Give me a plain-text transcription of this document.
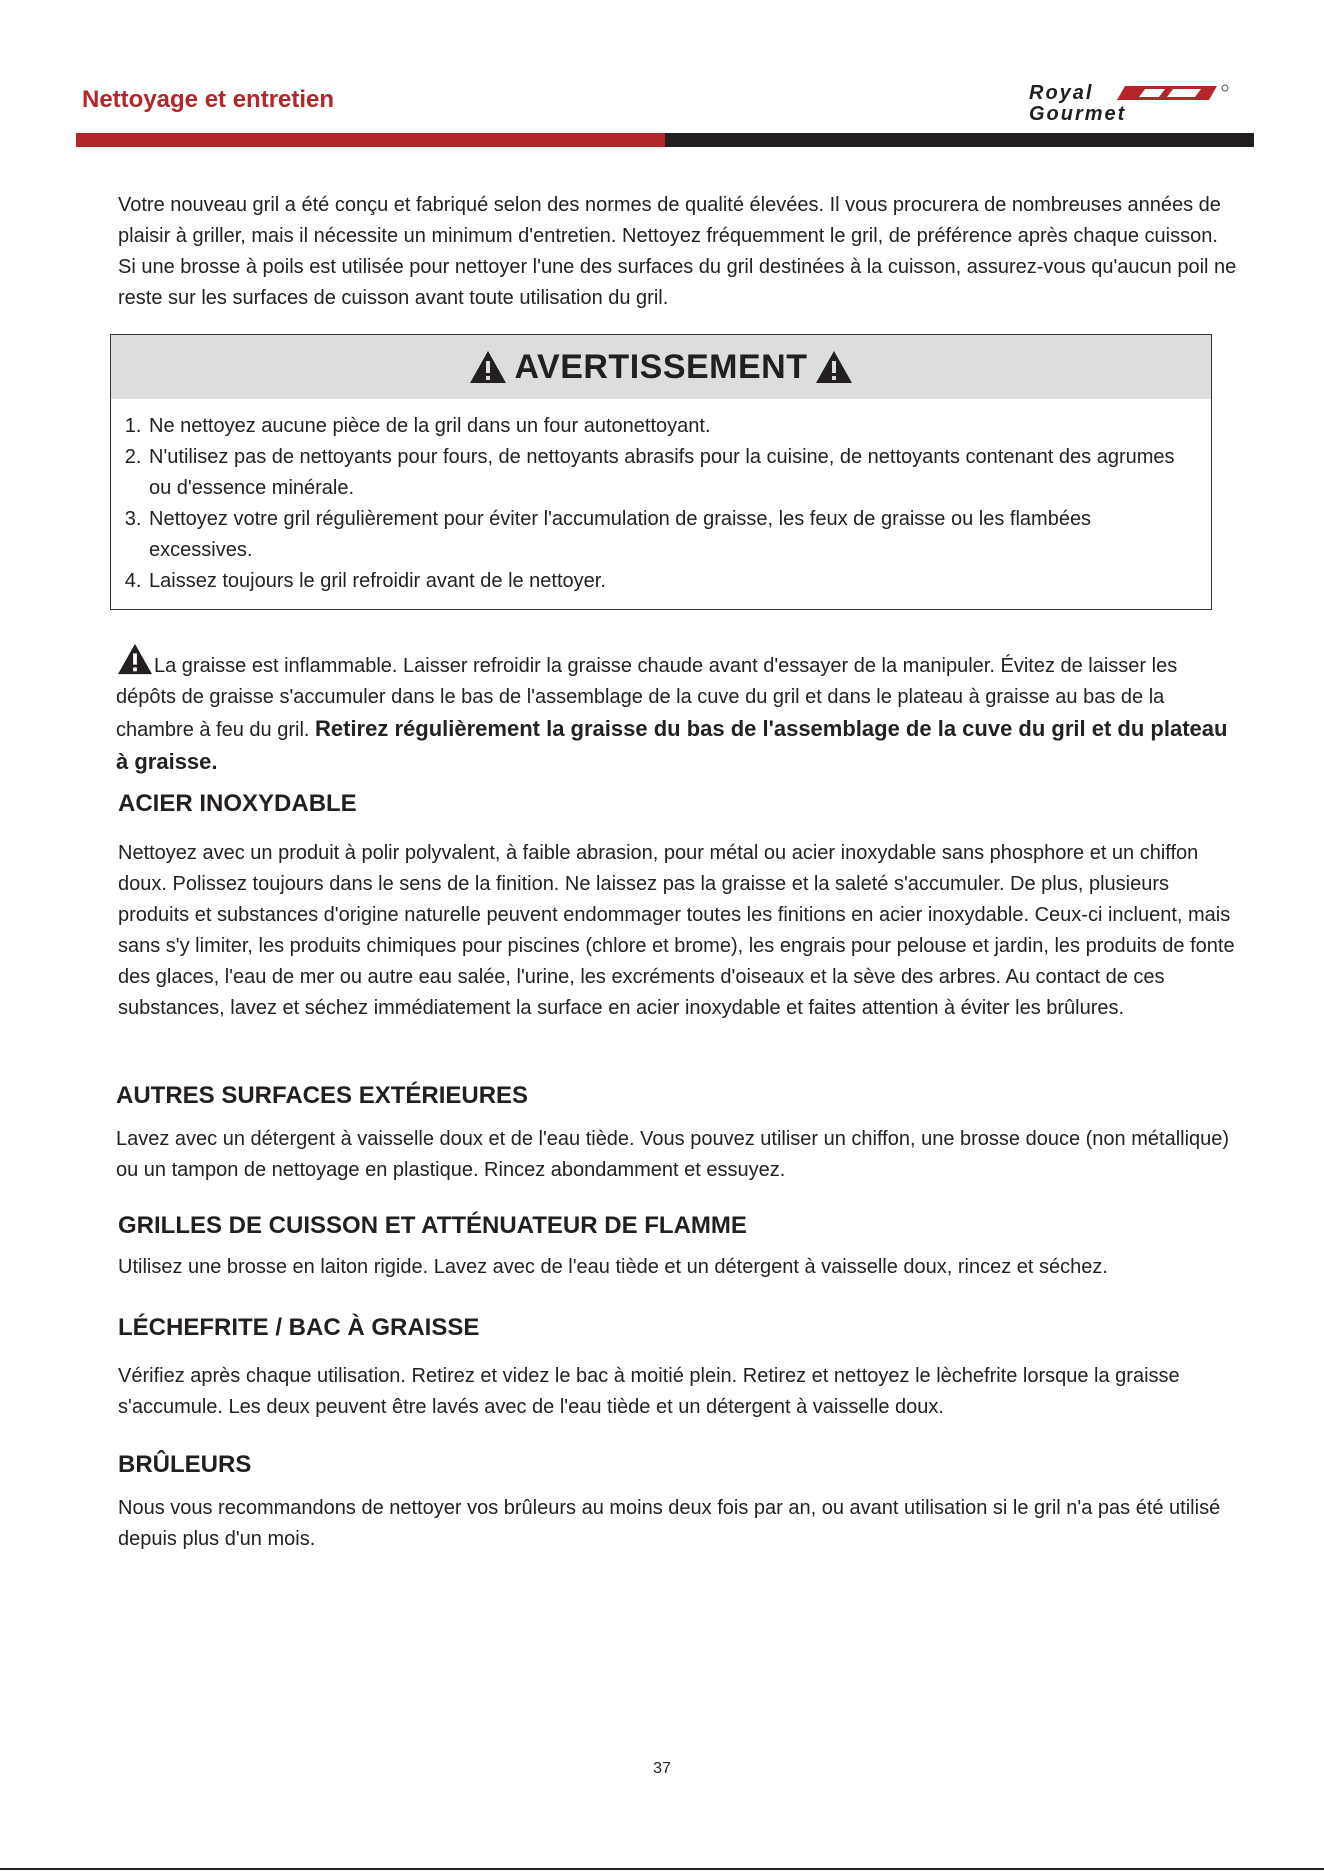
Nettoyage et entretien	Royal
Gourmet

Votre nouveau gril a été conçu et fabriqué selon des normes de qualité élevées. Il vous procurera de nombreuses années de plaisir à griller, mais il nécessite un minimum d'entretien. Nettoyez fréquemment le gril, de préférence après chaque cuisson. Si une brosse à poils est utilisée pour nettoyer l'une des surfaces du gril destinées à la cuisson, assurez-vous qu'aucun poil ne reste sur les surfaces de cuisson avant toute utilisation du gril.

AVERTISSEMENT
1. Ne nettoyez aucune pièce de la gril dans un four autonettoyant.
2. N'utilisez pas de nettoyants pour fours, de nettoyants abrasifs pour la cuisine, de nettoyants contenant des agrumes ou d'essence minérale.
3. Nettoyez votre gril régulièrement pour éviter l'accumulation de graisse, les feux de graisse ou les flambées excessives.
4. Laissez toujours le gril refroidir avant de le nettoyer.

La graisse est inflammable. Laisser refroidir la graisse chaude avant d'essayer de la manipuler. Évitez de laisser les dépôts de graisse s'accumuler dans le bas de l'assemblage de la cuve du gril et dans le plateau à graisse au bas de la chambre à feu du gril. Retirez régulièrement la graisse du bas de l'assemblage de la cuve du gril et du plateau à graisse.

ACIER INOXYDABLE

Nettoyez avec un produit à polir polyvalent, à faible abrasion, pour métal ou acier inoxydable sans phosphore et un chiffon doux. Polissez toujours dans le sens de la finition. Ne laissez pas la graisse et la saleté s'accumuler. De plus, plusieurs produits et substances d'origine naturelle peuvent endommager toutes les finitions en acier inoxydable. Ceux-ci incluent, mais sans s'y limiter, les produits chimiques pour piscines (chlore et brome), les engrais pour pelouse et jardin, les produits de fonte des glaces, l'eau de mer ou autre eau salée, l'urine, les excréments d'oiseaux et la sève des arbres. Au contact de ces substances, lavez et séchez immédiatement la surface en acier inoxydable et faites attention à éviter les brûlures.

AUTRES SURFACES EXTÉRIEURES

Lavez avec un détergent à vaisselle doux et de l'eau tiède. Vous pouvez utiliser un chiffon, une brosse douce (non métallique) ou un tampon de nettoyage en plastique. Rincez abondamment et essuyez.

GRILLES DE CUISSON ET ATTÉNUATEUR DE FLAMME

Utilisez une brosse en laiton rigide. Lavez avec de l'eau tiède et un détergent à vaisselle doux, rincez et séchez.

LÉCHEFRITE / BAC À GRAISSE

Vérifiez après chaque utilisation. Retirez et videz le bac à moitié plein. Retirez et nettoyez le lèchefrite lorsque la graisse s'accumule. Les deux peuvent être lavés avec de l'eau tiède et un détergent à vaisselle doux.

BRÛLEURS

Nous vous recommandons de nettoyer vos brûleurs au moins deux fois par an, ou avant utilisation si le gril n'a pas été utilisé depuis plus d'un mois.

37
